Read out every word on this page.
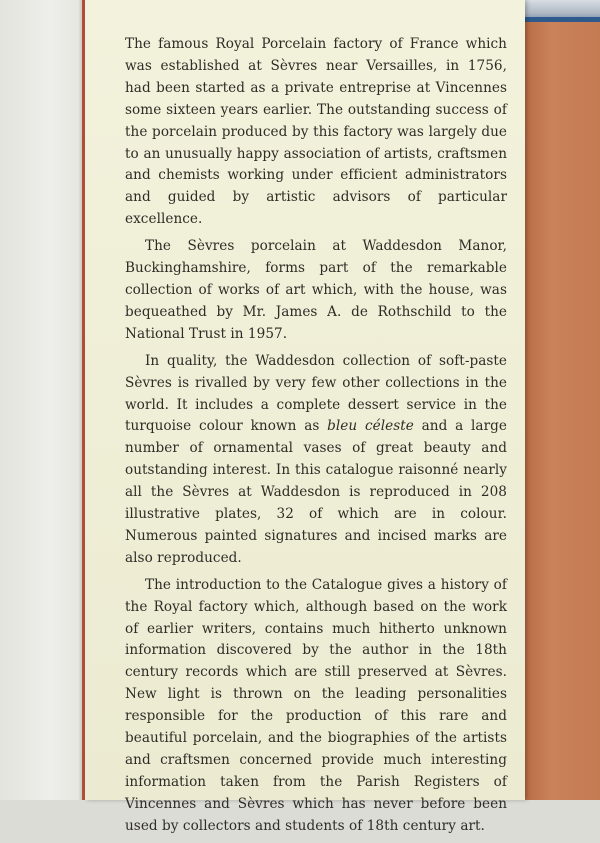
The famous Royal Porcelain factory of France which was established at Sèvres near Versailles, in 1756, had been started as a private entreprise at Vincennes some sixteen years earlier. The outstanding success of the porcelain produced by this factory was largely due to an unusually happy association of artists, craftsmen and chemists working under efficient administrators and guided by artistic advisors of particular excellence.

The Sèvres porcelain at Waddesdon Manor, Buckinghamshire, forms part of the remarkable collection of works of art which, with the house, was bequeathed by Mr. James A. de Rothschild to the National Trust in 1957.

In quality, the Waddesdon collection of soft-paste Sèvres is rivalled by very few other collections in the world. It includes a complete dessert service in the turquoise colour known as bleu céleste and a large number of ornamental vases of great beauty and outstanding interest. In this catalogue raisonné nearly all the Sèvres at Waddesdon is reproduced in 208 illustrative plates, 32 of which are in colour. Numerous painted signatures and incised marks are also reproduced.

The introduction to the Catalogue gives a history of the Royal factory which, although based on the work of earlier writers, contains much hitherto unknown information discovered by the author in the 18th century records which are still preserved at Sèvres. New light is thrown on the leading personalities responsible for the production of this rare and beautiful porcelain, and the biographies of the artists and craftsmen concerned provide much interesting information taken from the Parish Registers of Vincennes and Sèvres which has never before been used by collectors and students of 18th century art.
